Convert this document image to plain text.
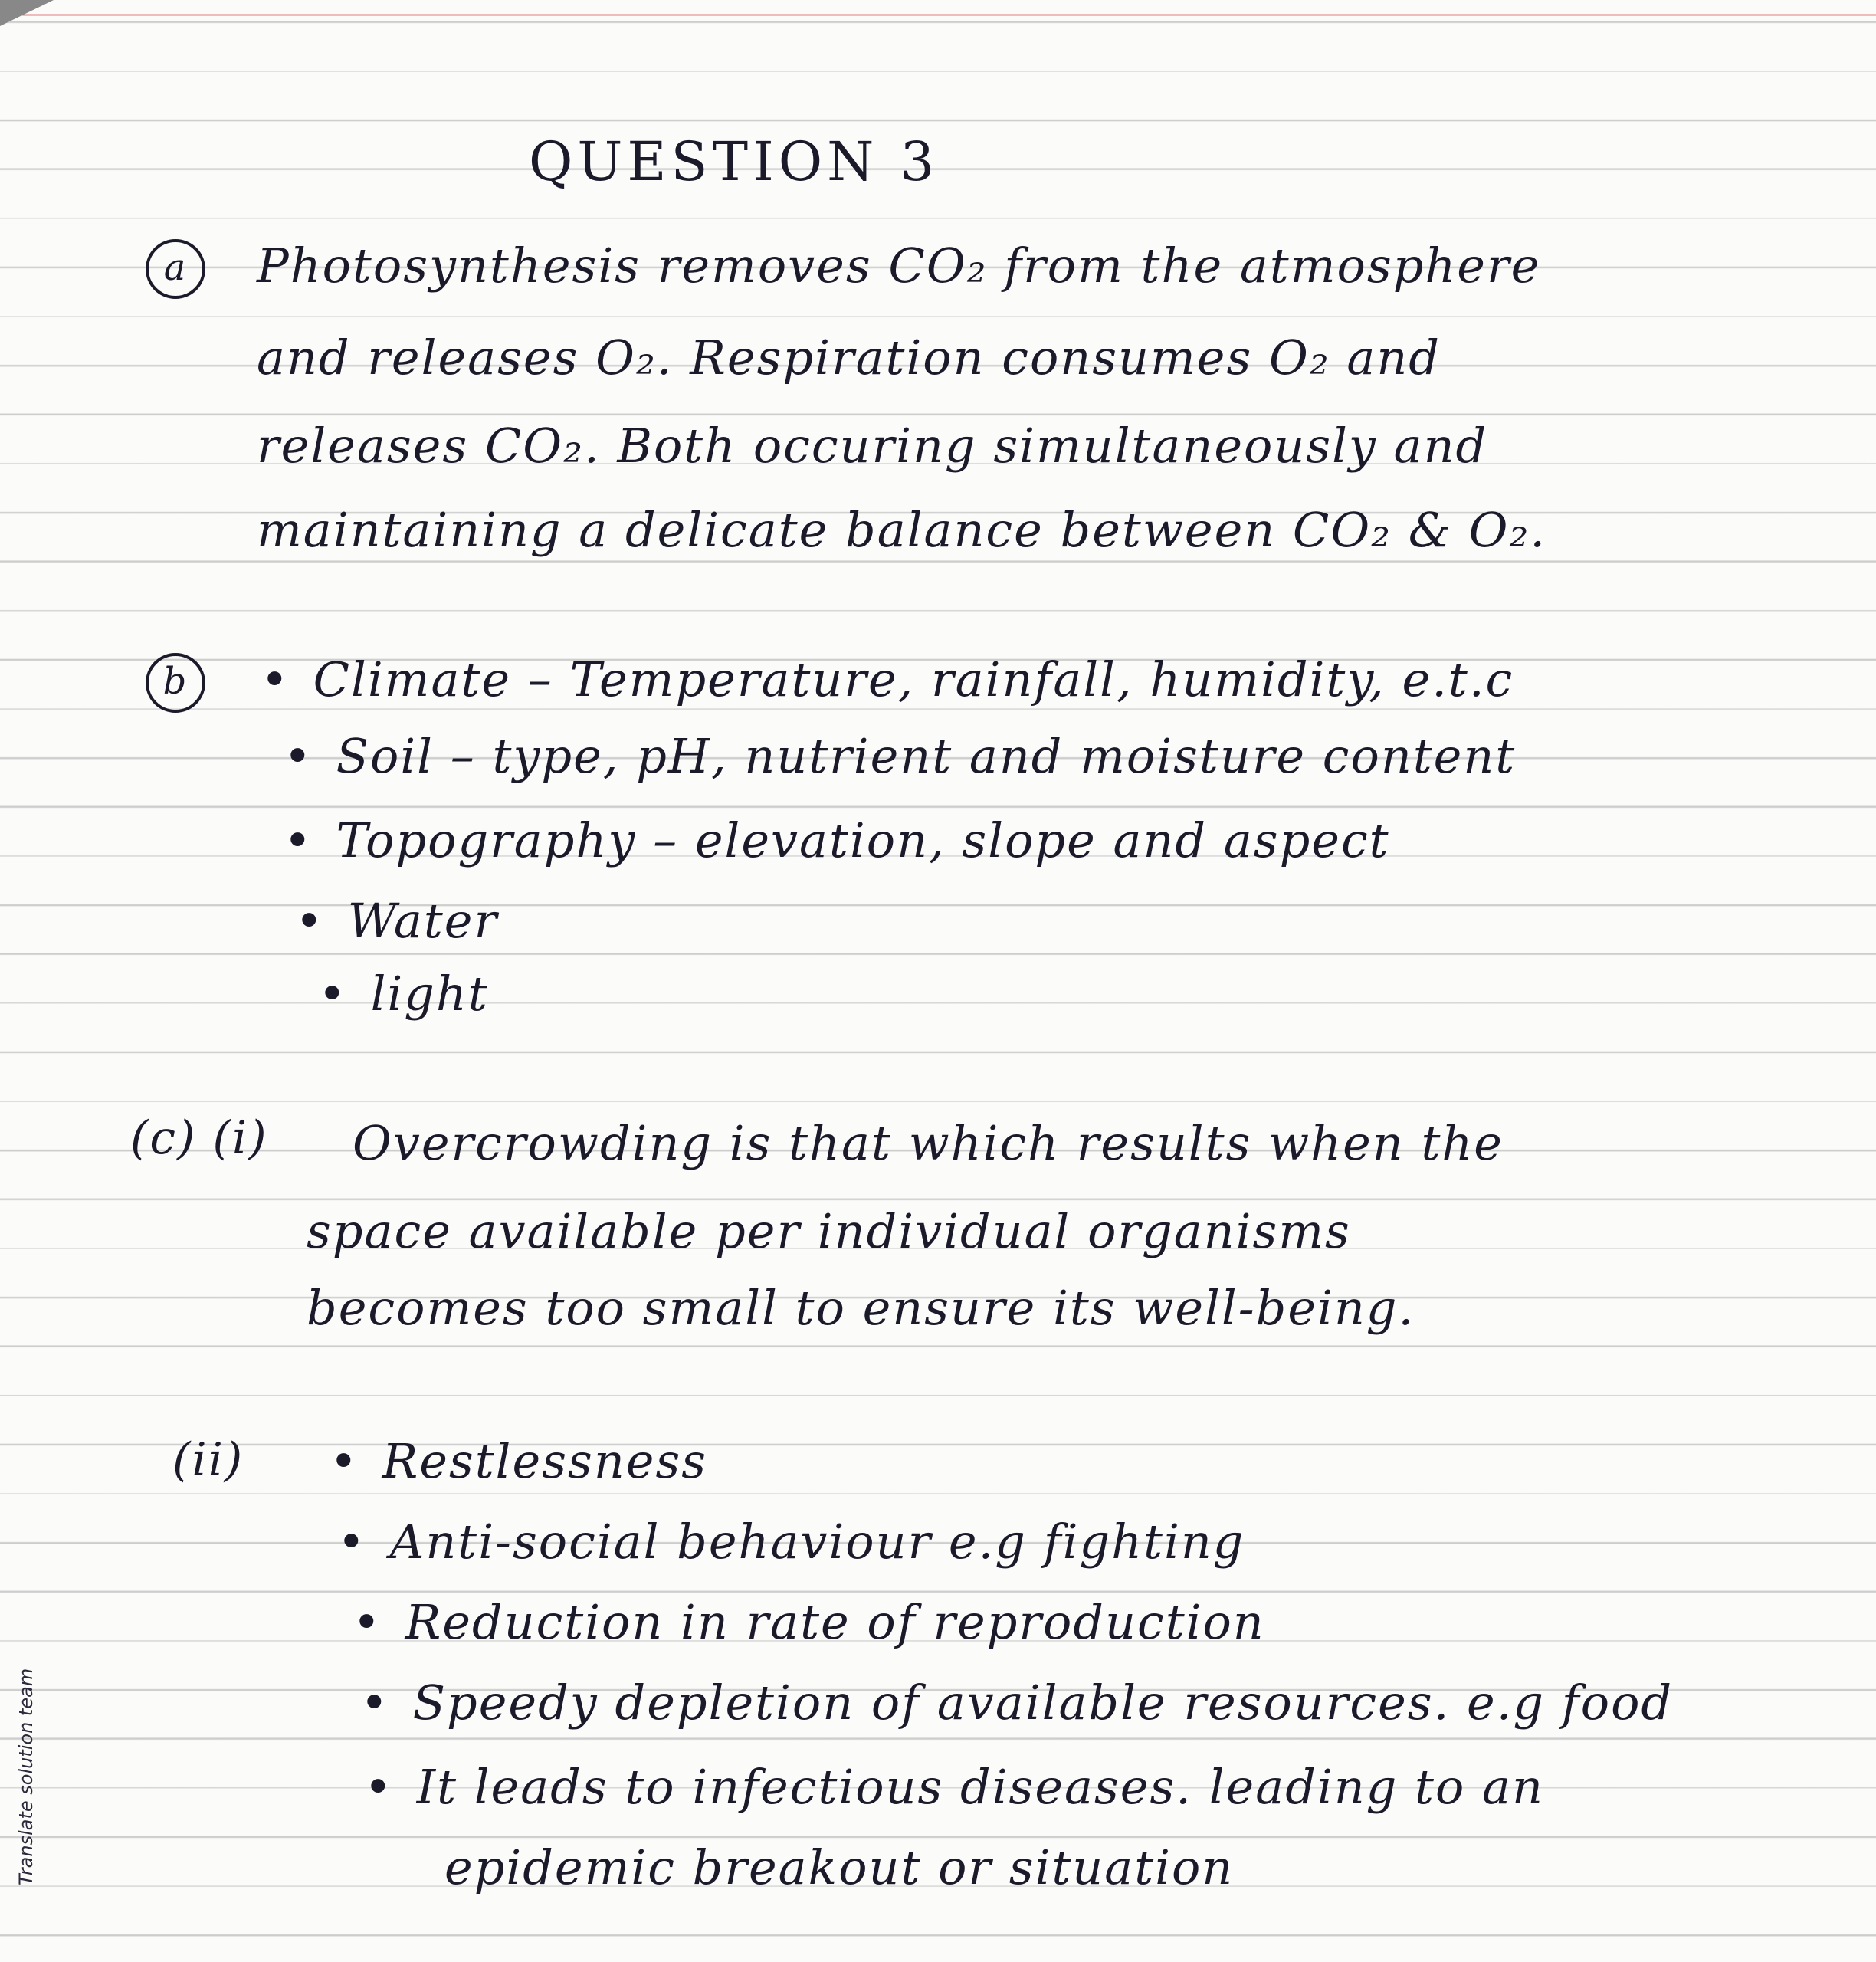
QUESTION 3
a	Photosynthesis removes CO₂ from the atmosphere
and releases O₂. Respiration consumes O₂ and
releases CO₂. Both occuring simultaneously and
maintaining a delicate balance between CO₂ & O₂.
b	• Climate – Temperature, rainfall, humidity, e.t.c
• Soil – type, pH, nutrient and moisture content
• Topography – elevation, slope and aspect
• Water
• light
(c) (i) Overcrowding is that which results when the
space available per individual organisms
becomes too small to ensure its well-being.
(ii)	• Restlessness
• Anti-social behaviour e.g fighting
• Reduction in rate of reproduction
• Speedy depletion of available resources. e.g food
• It leads to infectious diseases. leading to an
epidemic breakout or situation
Translate solution team
